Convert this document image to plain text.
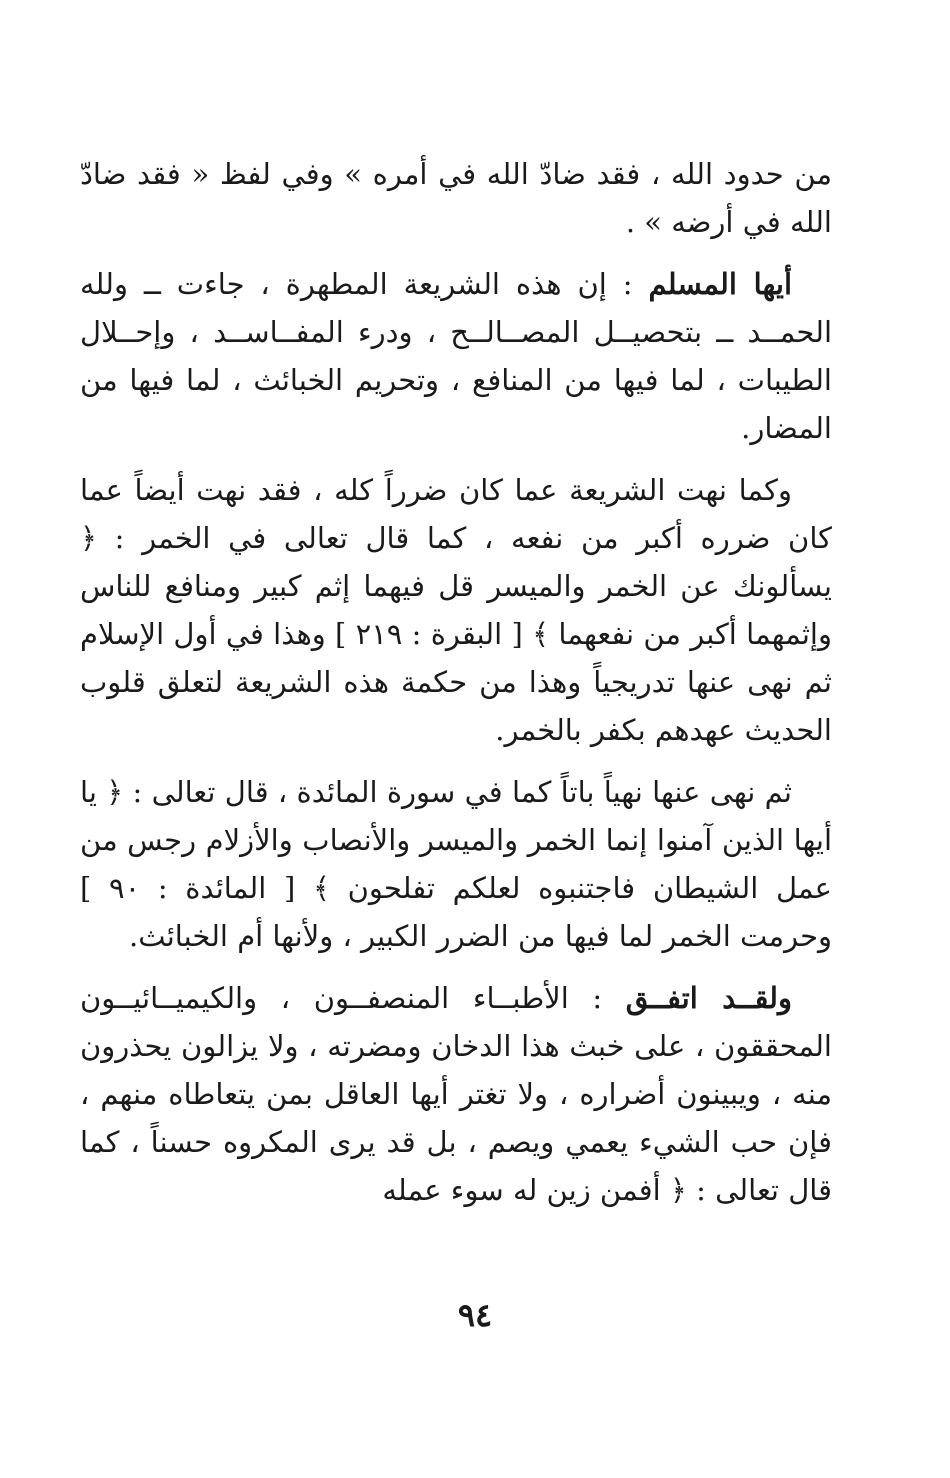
من حدود الله ، فقد ضادّ الله في أمره » وفي لفظ « فقد ضادّ الله في أرضه » .

أيها المسلم : إن هذه الشريعة المطهرة ، جاءت ــ ولله الحمــد ــ بتحصيــل المصــالــح ، ودرء المفــاســد ، وإحــلال الطيبات ، لما فيها من المنافع ، وتحريم الخبائث ، لما فيها من المضار.

وكما نهت الشريعة عما كان ضرراً كله ، فقد نهت أيضاً عما كان ضرره أكبر من نفعه ، كما قال تعالى في الخمر : ﴿ يسألونك عن الخمر والميسر قل فيهما إثم كبير ومنافع للناس وإثمهما أكبر من نفعهما ﴾ [ البقرة : ٢١٩ ] وهذا في أول الإسلام ثم نهى عنها تدريجياً وهذا من حكمة هذه الشريعة لتعلق قلوب الحديث عهدهم بكفر بالخمر.

ثم نهى عنها نهياً باتاً كما في سورة المائدة ، قال تعالى : ﴿ يا أيها الذين آمنوا إنما الخمر والميسر والأنصاب والأزلام رجس من عمل الشيطان فاجتنبوه لعلكم تفلحون ﴾ [ المائدة : ٩٠ ] وحرمت الخمر لما فيها من الضرر الكبير ، ولأنها أم الخبائث.

ولقــد اتفــق : الأطبــاء المنصفــون ، والكيميــائيــون المحققون ، على خبث هذا الدخان ومضرته ، ولا يزالون يحذرون منه ، ويبينون أضراره ، ولا تغتر أيها العاقل بمن يتعاطاه منهم ، فإن حب الشيء يعمي ويصم ، بل قد يرى المكروه حسناً ، كما قال تعالى : ﴿ أفمن زين له سوء عمله

٩٤
